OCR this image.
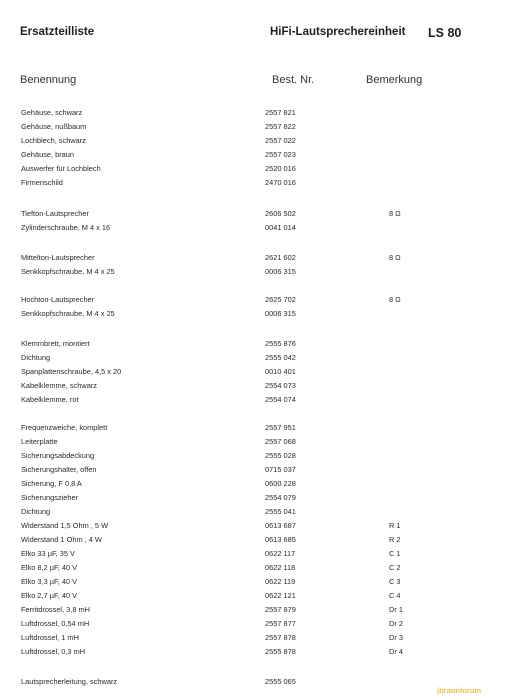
Ersatzteilliste	HiFi-Lautsprechereinheit LS 80
Benennung	Best. Nr.	Bemerkung
Gehäuse, schwarz	2557 821
Gehäuse, nußbaum	2557 822
Lochblech, schwarz	2557 022
Gehäuse, braun	2557 023
Auswerfer für Lochblech	2520 016
Firmenschild	2470 016
Tiefton-Lautsprecher	2606 502	8 Ω
Zylinderschraube, M 4 x 16	0041 014
Mittelton-Lautsprecher	2621 602	8 Ω
Senkkopfschraube, M 4 x 25	0006 315
Hochton-Lautsprecher	2625 702	8 Ω
Senkkopfschraube, M 4 x 25	0006 315
Klemmbrett, montiert	2555 876
Dichtung	2555 042
Spanplattenschraube, 4,5 x 20	0010 401
Kabelklemme, schwarz	2554 073
Kabelklemme, rot	2554 074
Frequenzweiche, komplett	2557 951
Leiterplatte	2557 068
Sicherungsabdeckung	2555 028
Sicherungshalter, offen	0715 037
Sicherung, F 0,8 A	0600 228
Sicherungszieher	2554 079
Dichtung	2555 041
Widerstand 1,5 Ohm , 5 W	0613 687	R 1
Widerstand 1 Ohm , 4 W	0613 685	R 2
Elko 33 µF, 35 V	0622 117	C 1
Elko 8,2 µF, 40 V	0622 118	C 2
Elko 3,3 µF, 40 V	0622 119	C 3
Elko 2,7 µF, 40 V	0622 121	C 4
Ferritdrossel, 3,8 mH	2557 879	Dr 1
Luftdrossel, 0,54 mH	2557 877	Dr 2
Luftdrossel, 1 mH	2557 878	Dr 3
Luftdrossel, 0,3 mH	2555 878	Dr 4
Lautsprecherleitung, schwarz	2555 065
jbraunforum
